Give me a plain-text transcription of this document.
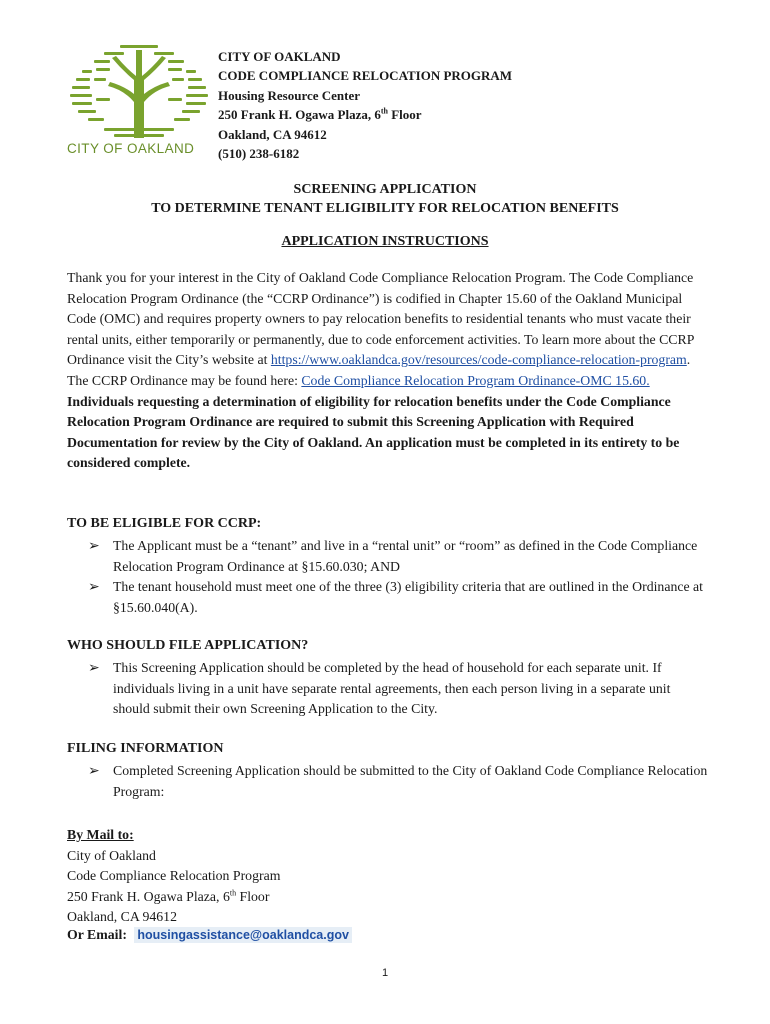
CITY OF OAKLAND
CITY OF OAKLAND
CODE COMPLIANCE RELOCATION PROGRAM
Housing Resource Center
250 Frank H. Ogawa Plaza, 6th Floor
Oakland, CA 94612
(510) 238-6182
SCREENING APPLICATION
TO DETERMINE TENANT ELIGIBILITY FOR RELOCATION BENEFITS
APPLICATION INSTRUCTIONS
Thank you for your interest in the City of Oakland Code Compliance Relocation Program. The Code Compliance Relocation Program Ordinance (the “CCRP Ordinance”) is codified in Chapter 15.60 of the Oakland Municipal Code (OMC) and requires property owners to pay relocation benefits to residential tenants who must vacate their rental units, either temporarily or permanently, due to code enforcement activities. To learn more about the CCRP Ordinance visit the City’s website at https://www.oaklandca.gov/resources/code-compliance-relocation-program. The CCRP Ordinance may be found here: Code Compliance Relocation Program Ordinance-OMC 15.60. Individuals requesting a determination of eligibility for relocation benefits under the Code Compliance Relocation Program Ordinance are required to submit this Screening Application with Required Documentation for review by the City of Oakland. An application must be completed in its entirety to be considered complete.
TO BE ELIGIBLE FOR CCRP:
➢ The Applicant must be a “tenant” and live in a “rental unit” or “room” as defined in the Code Compliance Relocation Program Ordinance at §15.60.030; AND
➢ The tenant household must meet one of the three (3) eligibility criteria that are outlined in the Ordinance at §15.60.040(A).
WHO SHOULD FILE APPLICATION?
➢ This Screening Application should be completed by the head of household for each separate unit. If individuals living in a unit have separate rental agreements, then each person living in a separate unit should submit their own Screening Application to the City.
FILING INFORMATION
➢ Completed Screening Application should be submitted to the City of Oakland Code Compliance Relocation Program:
By Mail to:
City of Oakland
Code Compliance Relocation Program
250 Frank H. Ogawa Plaza, 6th Floor
Oakland, CA 94612
Or Email: housingassistance@oaklandca.gov
1
